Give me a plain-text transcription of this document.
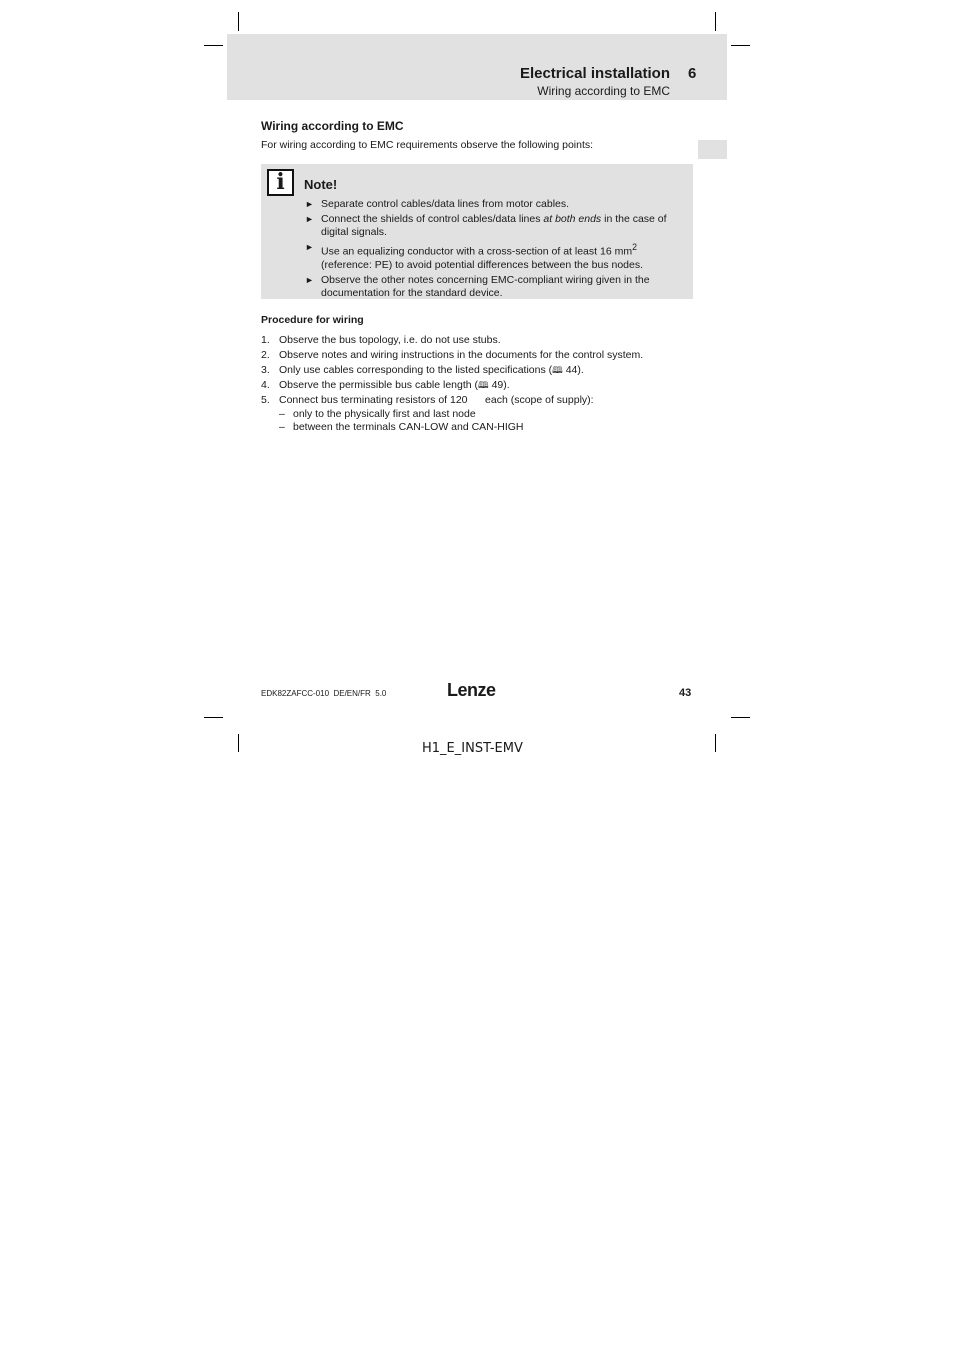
Electrical installation 6
Wiring according to EMC
Wiring according to EMC
For wiring according to EMC requirements observe the following points:
i	Note!
► Separate control cables/data lines from motor cables.
► Connect the shields of control cables/data lines at both ends in the case of digital signals.
► Use an equalizing conductor with a cross-section of at least 16 $mm^2$ (reference: PE) to avoid potential differences between the bus nodes.
► Observe the other notes concerning EMC-compliant wiring given in the documentation for the standard device.
Procedure for wiring
1. Observe the bus topology, i.e. do not use stubs.
2. Observe notes and wiring instructions in the documents for the control system.
3. Only use cables corresponding to the listed specifications (🕮 44).
4. Observe the permissible bus cable length (🕮 49).
5. Connect bus terminating resistors of 120      each (scope of supply):
– only to the physically first and last node
– between the terminals CAN-LOW and CAN-HIGH
EDK82ZAFCC-010  DE/EN/FR  5.0	Lenze	43
H1_E_INST-EMV
